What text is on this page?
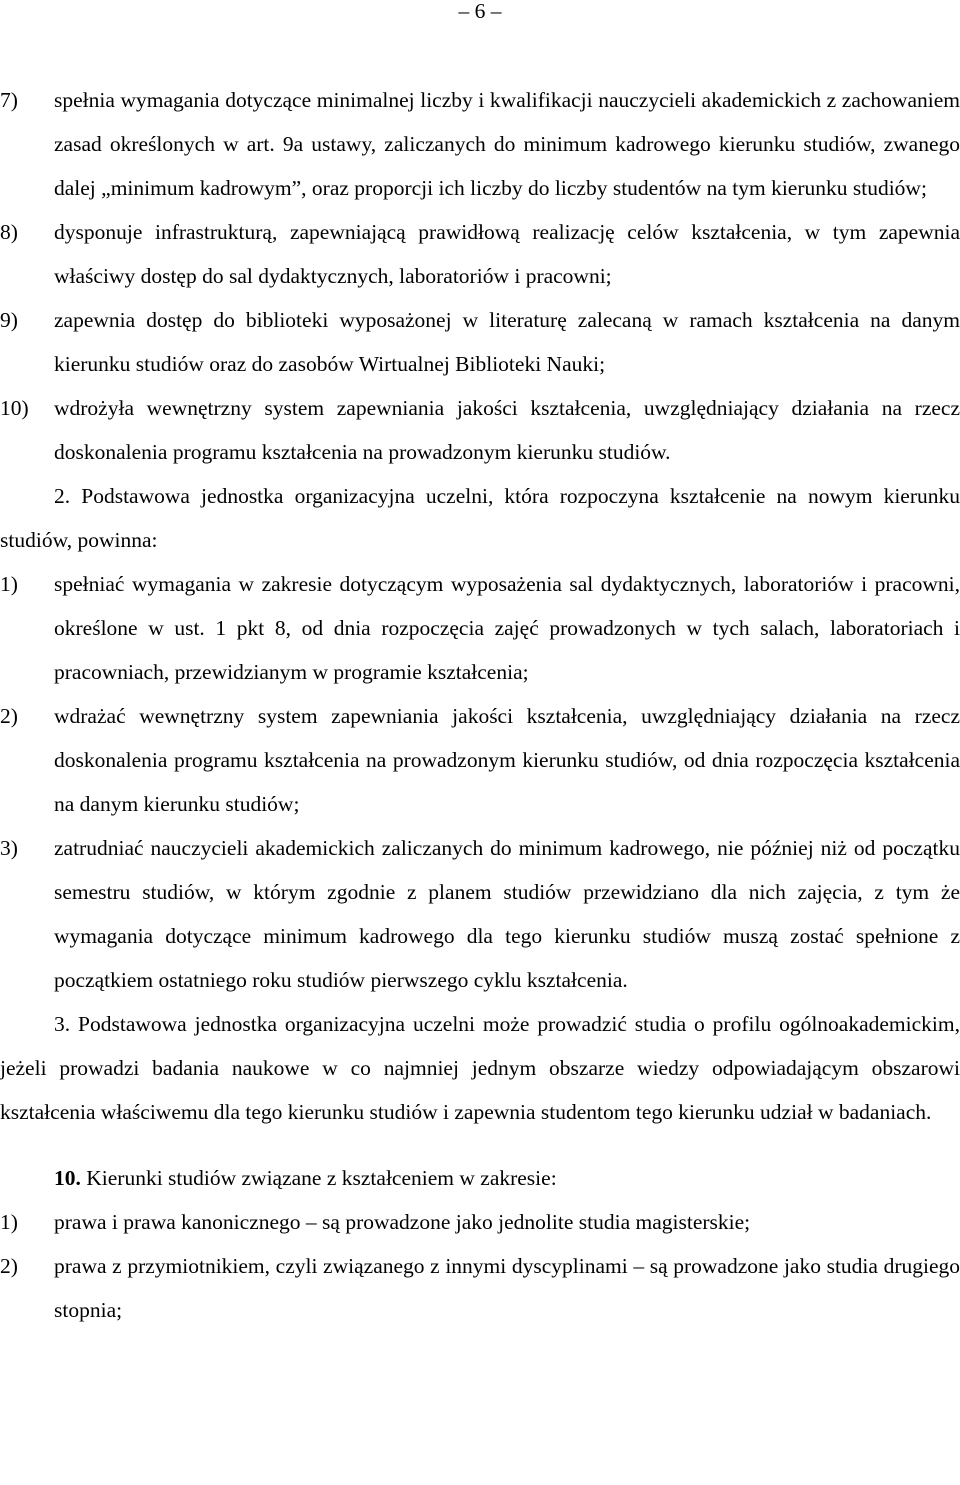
– 6 –
7) spełnia wymagania dotyczące minimalnej liczby i kwalifikacji nauczycieli akademickich z zachowaniem zasad określonych w art. 9a ustawy, zaliczanych do minimum kadrowego kierunku studiów, zwanego dalej „minimum kadrowym”, oraz proporcji ich liczby do liczby studentów na tym kierunku studiów;
8) dysponuje infrastrukturą, zapewniającą prawidłową realizację celów kształcenia, w tym zapewnia właściwy dostęp do sal dydaktycznych, laboratoriów i pracowni;
9) zapewnia dostęp do biblioteki wyposażonej w literaturę zalecaną w ramach kształcenia na danym kierunku studiów oraz do zasobów Wirtualnej Biblioteki Nauki;
10) wdrożyła wewnętrzny system zapewniania jakości kształcenia, uwzględniający działania na rzecz doskonalenia programu kształcenia na prowadzonym kierunku studiów.
2. Podstawowa jednostka organizacyjna uczelni, która rozpoczyna kształcenie na nowym kierunku studiów, powinna:
1) spełniać wymagania w zakresie dotyczącym wyposażenia sal dydaktycznych, laboratoriów i pracowni, określone w ust. 1 pkt 8, od dnia rozpoczęcia zajęć prowadzonych w tych salach, laboratoriach i pracowniach, przewidzianym w programie kształcenia;
2) wdrażać wewnętrzny system zapewniania jakości kształcenia, uwzględniający działania na rzecz doskonalenia programu kształcenia na prowadzonym kierunku studiów, od dnia rozpoczęcia kształcenia na danym kierunku studiów;
3) zatrudniać nauczycieli akademickich zaliczanych do minimum kadrowego, nie później niż od początku semestru studiów, w którym zgodnie z planem studiów przewidziano dla nich zajęcia, z tym że wymagania dotyczące minimum kadrowego dla tego kierunku studiów muszą zostać spełnione z początkiem ostatniego roku studiów pierwszego cyklu kształcenia.
3. Podstawowa jednostka organizacyjna uczelni może prowadzić studia o profilu ogólnoakademickim, jeżeli prowadzi badania naukowe w co najmniej jednym obszarze wiedzy odpowiadającym obszarowi kształcenia właściwemu dla tego kierunku studiów i zapewnia studentom tego kierunku udział w badaniach.
10. Kierunki studiów związane z kształceniem w zakresie:
1) prawa i prawa kanonicznego – są prowadzone jako jednolite studia magisterskie;
2) prawa z przymiotnikiem, czyli związanego z innymi dyscyplinami – są prowadzone jako studia drugiego stopnia;
